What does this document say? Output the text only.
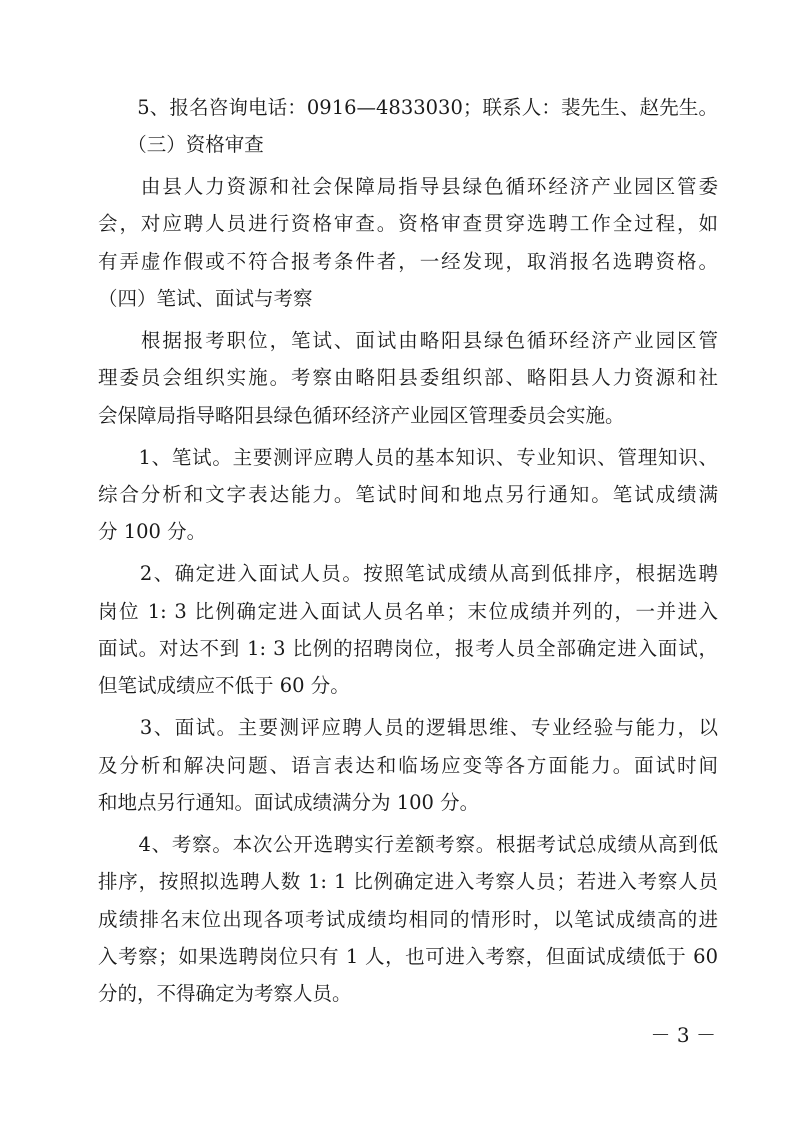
　　5、报名咨询电话：0916—4833030；联系人：裴先生、赵先生。
　　（三）资格审查
　　由县人力资源和社会保障局指导县绿色循环经济产业园区管委
会，对应聘人员进行资格审查。资格审查贯穿选聘工作全过程，如
有弄虚作假或不符合报考条件者，一经发现，取消报名选聘资格。
（四）笔试、面试与考察
　　根据报考职位，笔试、面试由略阳县绿色循环经济产业园区管
理委员会组织实施。考察由略阳县委组织部、略阳县人力资源和社
会保障局指导略阳县绿色循环经济产业园区管理委员会实施。
　　1、笔试。主要测评应聘人员的基本知识、专业知识、管理知识、
综合分析和文字表达能力。笔试时间和地点另行通知。笔试成绩满
分 100 分。
　　2、确定进入面试人员。按照笔试成绩从高到低排序，根据选聘
岗位 1: 3 比例确定进入面试人员名单；末位成绩并列的，一并进入
面试。对达不到 1: 3 比例的招聘岗位，报考人员全部确定进入面试，
但笔试成绩应不低于 60 分。
　　3、面试。主要测评应聘人员的逻辑思维、专业经验与能力，以
及分析和解决问题、语言表达和临场应变等各方面能力。面试时间
和地点另行通知。面试成绩满分为 100 分。
　　4、考察。本次公开选聘实行差额考察。根据考试总成绩从高到低
排序，按照拟选聘人数 1: 1 比例确定进入考察人员；若进入考察人员
成绩排名末位出现各项考试成绩均相同的情形时，以笔试成绩高的进
入考察；如果选聘岗位只有 1 人，也可进入考察，但面试成绩低于 60
分的，不得确定为考察人员。
－ 3 －
